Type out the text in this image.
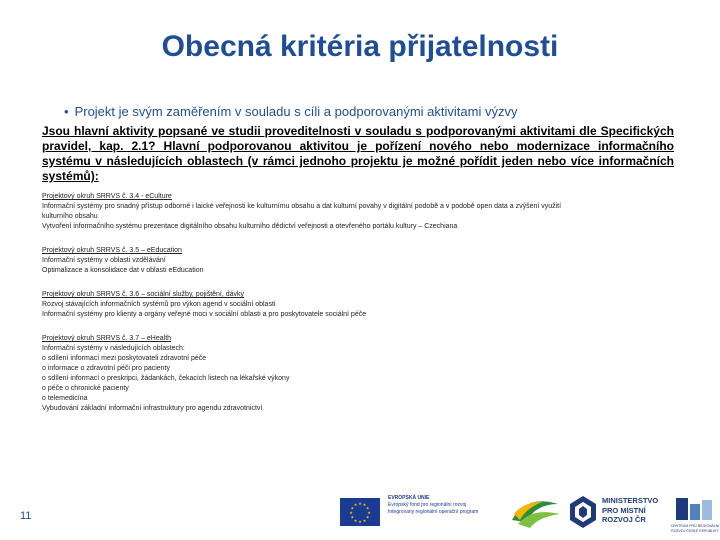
Obecná kritéria přijatelnosti
• Projekt je svým zaměřením v souladu s cíli a podporovanými aktivitami výzvy
Jsou hlavní aktivity popsané ve studii proveditelnosti v souladu s podporovanými aktivitami dle Specifických pravidel, kap. 2.1? Hlavní podporovanou aktivitou je pořízení nového nebo modernizace informačního systému v následujících oblastech (v rámci jednoho projektu je možné pořídit jeden nebo více informačních systémů):
Projektový okruh SRRVS č. 3.4 - eCulture
Informační systémy pro snadný přístup odborné i laické veřejnosti ke kulturnímu obsahu a dat kulturní povahy v digitální podobě a v podobě open data a zvýšení využití
kulturního obsahu
Vytvoření informačního systému prezentace digitálního obsahu kulturního dědictví veřejnosti a otevřeného portálu kultury – Czechiana
Projektový okruh SRRVS č. 3.5 – eEducation
Informační systémy v oblasti vzdělávání
Optimalizace a konsolidace dat v oblasti eEducation
Projektový okruh SRRVS č. 3.6 – sociální služby, pojištění, dávky
Rozvoj stávajících informačních systémů pro výkon agend v sociální oblasti
Informační systémy pro klienty a orgány veřejné moci v sociální oblasti a pro poskytovatele sociální péče
Projektový okruh SRRVS č. 3.7 – eHealth
Informační systémy v následujících oblastech:
o sdílení informací mezi poskytovateli zdravotní péče
o informace o zdravotní péči pro pacienty
o sdílení informací o preskripci, žádankách, čekacích listech na lékařské výkony
o péče o chronické pacienty
o telemedicína
Vybudování základní informační infrastruktury pro agendu zdravotnictví
11
★ ★
★
★
★
★
★
★
★
★
★
★
EVROPSKÁ UNIE
Evropský fond pro regionální rozvoj
Integrovaný regionální operační program
MINISTERSTVO
PRO MÍSTNÍ
ROZVOJ ČR
CENTRUM PRO REGIONÁLNÍ ROZVOJ ČESKÉ REPUBLIKY
